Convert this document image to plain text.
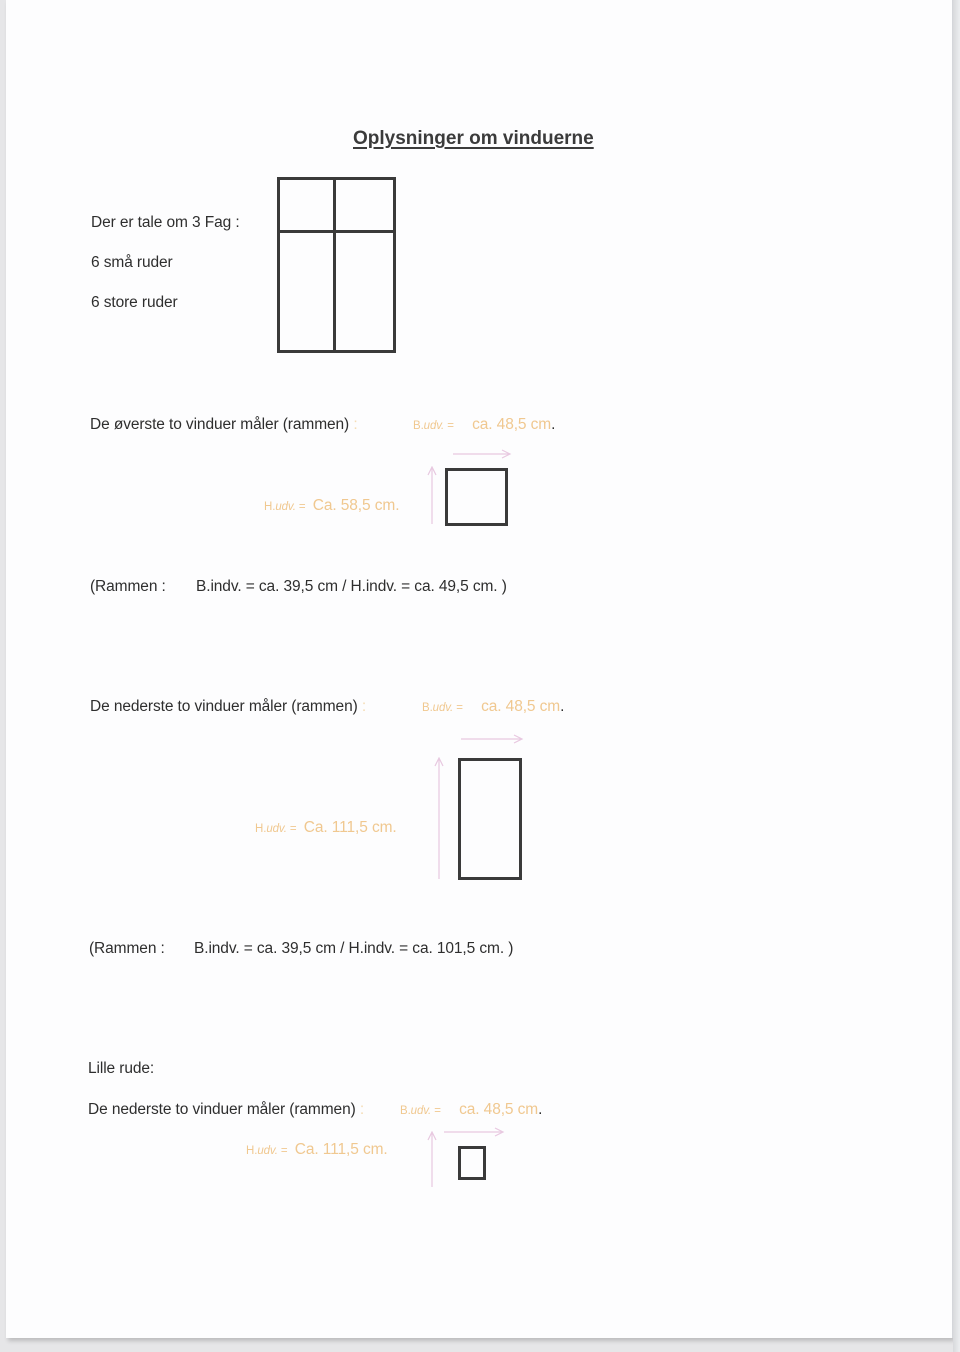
Oplysninger om vinduerne
Der er tale om 3 Fag :
6 små ruder
6 store ruder
De øverste to vinduer måler (rammen) :	B.udv. = ca. 48,5 cm.
H.udv. = Ca. 58,5 cm.
(Rammen : B.indv. = ca. 39,5 cm / H.indv. = ca. 49,5 cm. )
De nederste to vinduer måler (rammen) :	B.udv. = ca. 48,5 cm.
H.udv. = Ca. 111,5 cm.
(Rammen : B.indv. = ca. 39,5 cm / H.indv. = ca. 101,5 cm. )
Lille rude:
De nederste to vinduer måler (rammen) :	B.udv. = ca. 48,5 cm.
H.udv. = Ca. 111,5 cm.
